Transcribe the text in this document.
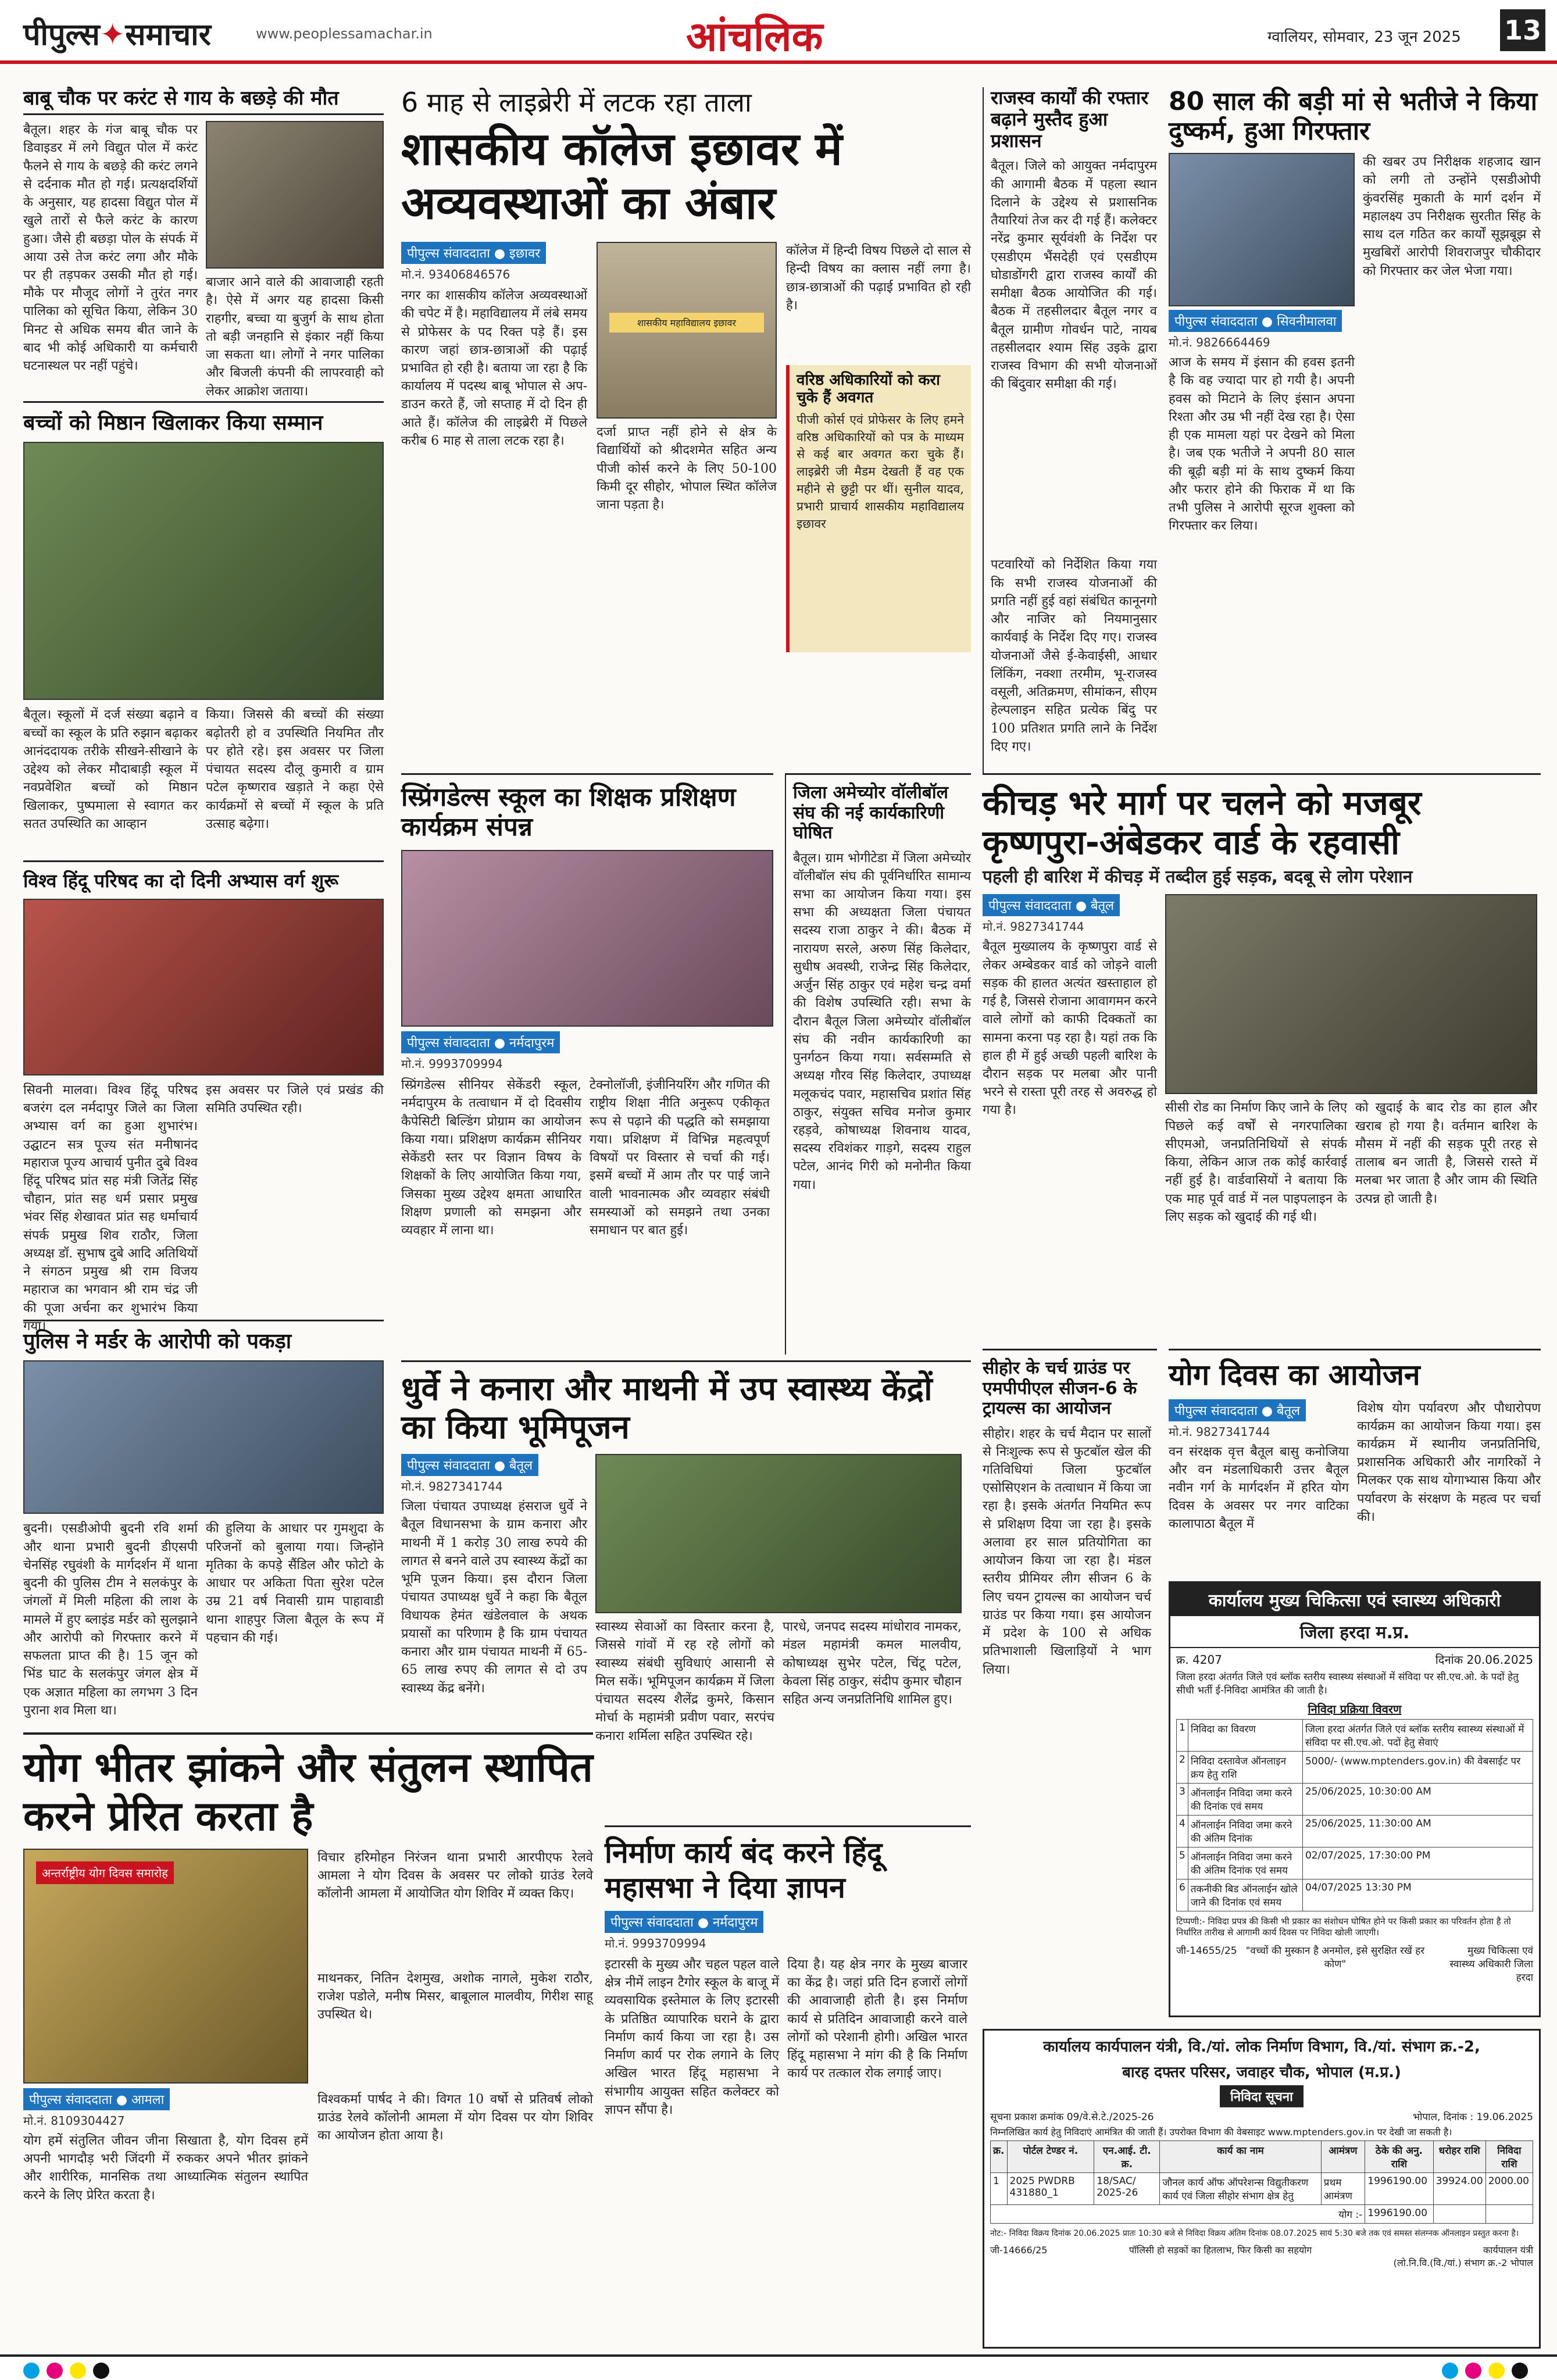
पीपुल्स✦समाचार	www.peoplessamachar.in	आंचलिक	ग्वालियर, सोमवार, 23 जून 2025 13
बाबू चौक पर करंट से गाय के बछड़े की मौत
बैतूल। शहर के गंज बाबू चौक पर डिवाइडर में लगे विद्युत पोल में करंट फैलने से गाय के बछड़े की करंट लगने से दर्दनाक मौत हो गई। प्रत्यक्षदर्शियों के अनुसार, यह हादसा विद्युत पोल में खुले तारों से फैले करंट के कारण हुआ। जैसे ही बछड़ा पोल के संपर्क में आया उसे तेज करंट लगा और मौके पर ही तड़पकर उसकी मौत हो गई। मौके पर मौजूद लोगों ने तुरंत नगर पालिका को सूचित किया, लेकिन 30 मिनट से अधिक समय बीत जाने के बाद भी कोई अधिकारी या कर्मचारी घटनास्थल पर नहीं पहुंचे।
बाजार आने वाले की आवाजाही रहती है। ऐसे में अगर यह हादसा किसी राहगीर, बच्चा या बुजुर्ग के साथ होता तो बड़ी जनहानि से इंकार नहीं किया जा सकता था। लोगों ने नगर पालिका और बिजली कंपनी की लापरवाही को लेकर आक्रोश जताया।
बच्चों को मिष्ठान खिलाकर किया सम्मान
बैतूल। स्कूलों में दर्ज संख्या बढ़ाने व बच्चों का स्कूल के प्रति रुझान बढ़ाकर आनंददायक तरीके सीखने-सीखाने के उद्देश्य को लेकर मौदाबाड़ी स्कूल में नवप्रवेशित बच्चों को मिष्ठान खिलाकर, पुष्पमाला से स्वागत कर सतत उपस्थिति का आव्हान
किया। जिससे की बच्चों की संख्या बढ़ोतरी हो व उपस्थिति नियमित तौर पर होते रहे। इस अवसर पर जिला पंचायत सदस्य दौलू कुमारी व ग्राम पटेल कृष्णराव खड़ाते ने कहा ऐसे कार्यक्रमों से बच्चों में स्कूल के प्रति उत्साह बढ़ेगा।
विश्व हिंदू परिषद का दो दिनी अभ्यास वर्ग शुरू
सिवनी मालवा। विश्व हिंदू परिषद बजरंग दल नर्मदापुर जिले का जिला अभ्यास वर्ग का हुआ शुभारंभ। उद्घाटन सत्र पूज्य संत मनीषानंद महाराज पूज्य आचार्य पुनीत दुबे विश्व हिंदू परिषद प्रांत सह मंत्री जितेंद्र सिंह चौहान, प्रांत सह धर्म प्रसार प्रमुख भंवर सिंह शेखावत प्रांत सह धर्माचार्य संपर्क प्रमुख शिव राठौर, जिला अध्यक्ष डॉ. सुभाष दुबे आदि अतिथियों ने संगठन प्रमुख श्री राम विजय महाराज का भगवान श्री राम चंद्र जी की पूजा अर्चना कर शुभारंभ किया गया।
इस अवसर पर जिले एवं प्रखंड की समिति उपस्थित रही।
पुलिस ने मर्डर के आरोपी को पकड़ा
बुदनी। एसडीओपी बुदनी रवि शर्मा और थाना प्रभारी बुदनी डीएसपी चेनसिंह रघुवंशी के मार्गदर्शन में थाना बुदनी की पुलिस टीम ने सलकंपुर के जंगलों में मिली महिला की लाश के मामले में हुए ब्लाइंड मर्डर को सुलझाने और आरोपी को गिरफ्तार करने में सफलता प्राप्त की है। 15 जून को भिंड घाट के सलकंपुर जंगल क्षेत्र में एक अज्ञात महिला का लगभग 3 दिन पुराना शव मिला था।
की हुलिया के आधार पर गुमशुदा के परिजनों को बुलाया गया। जिन्होंने मृतिका के कपड़े सैंडिल और फोटो के आधार पर अकिता पिता सुरेश पटेल उम्र 21 वर्ष निवासी ग्राम पाहावाडी थाना शाहपुर जिला बैतूल के रूप में पहचान की गई।
योग भीतर झांकने और संतुलन स्थापित करने प्रेरित करता है
अन्तर्राष्ट्रीय योग दिवस समारोह
पीपुल्स संवाददाता ● आमला
मो.नं. 8109304427
योग हमें संतुलित जीवन जीना सिखाता है, योग दिवस हमें अपनी भागदौड़ भरी जिंदगी में रुककर अपने भीतर झांकने और शारीरिक, मानसिक तथा आध्यात्मिक संतुलन स्थापित करने के लिए प्रेरित करता है।
विचार हरिमोहन निरंजन थाना प्रभारी आरपीएफ रेलवे आमला ने योग दिवस के अवसर पर लोको ग्राउंड रेलवे कॉलोनी आमला में आयोजित योग शिविर में व्यक्त किए।
माथनकर, नितिन देशमुख, अशोक नागले, मुकेश राठौर, राजेश पडोले, मनीष मिसर, बाबूलाल मालवीय, गिरीश साहू उपस्थित थे।
विश्वकर्मा पार्षद ने की। विगत 10 वर्षो से प्रतिवर्ष लोको ग्राउंड रेलवे कॉलोनी आमला में योग दिवस पर योग शिविर का आयोजन होता आया है।
6 माह से लाइब्रेरी में लटक रहा ताला
शासकीय कॉलेज इछावर में अव्यवस्थाओं का अंबार
पीपुल्स संवाददाता ● इछावर
मो.नं. 9340684657​6
नगर का शासकीय कॉलेज अव्यवस्थाओं की चपेट में है। महाविद्यालय में लंबे समय से प्रोफेसर के पद रिक्त पड़े हैं। इस कारण जहां छात्र-छात्राओं की पढ़ाई प्रभावित हो रही है। बताया जा रहा है कि कार्यालय में पदस्थ बाबू भोपाल से अप-डाउन करते हैं, जो सप्ताह में दो दिन ही आते हैं। कॉलेज की लाइब्रेरी में पिछले करीब 6 माह से ताला लटक रहा है।
शासकीय महाविद्यालय इछावर
दर्जा प्राप्त नहीं होने से क्षेत्र के विद्यार्थियों को श्रीदशमेत सहित अन्य पीजी कोर्स करने के लिए 50-100 किमी दूर सीहोर, भोपाल स्थित कॉलेज जाना पड़ता है।
कॉलेज में हिन्दी विषय पिछले दो साल से हिन्दी विषय का क्लास नहीं लगा है। छात्र-छात्राओं की पढ़ाई प्रभावित हो रही है।
वरिष्ठ अधिकारियों को करा चुके हैं अवगत
पीजी कोर्स एवं प्रोफेसर के लिए हमने वरिष्ठ अधिकारियों को पत्र के माध्यम से कई बार अवगत करा चुके हैं। लाइब्रेरी जी मैडम देखती हैं वह एक महीने से छुट्टी पर थीं। सुनील यादव, प्रभारी प्राचार्य शासकीय महाविद्यालय इछावर
राजस्व कार्यों की रफ्तार बढ़ाने मुस्तैद हुआ प्रशासन
बैतूल। जिले को आयुक्त नर्मदापुरम की आगामी बैठक में पहला स्थान दिलाने के उद्देश्य से प्रशासनिक तैयारियां तेज कर दी गई हैं। कलेक्टर नरेंद्र कुमार सूर्यवंशी के निर्देश पर एसडीएम भैंसदेही एवं एसडीएम घोडाडोंगरी द्वारा राजस्व कार्यों की समीक्षा बैठक आयोजित की गई। बैठक में तहसीलदार बैतूल नगर व बैतूल ग्रामीण गोवर्धन पाटे, नायब तहसीलदार श्याम सिंह उइके द्वारा राजस्व विभाग की सभी योजनाओं की बिंदुवार समीक्षा की गई।
पटवारियों को निर्देशित किया गया कि सभी राजस्व योजनाओं की प्रगति नहीं हुई वहां संबंधित कानूनगो और नाजिर को नियमानुसार कार्यवाई के निर्देश दिए गए। राजस्व योजनाओं जैसे ई-केवाईसी, आधार लिंकिंग, नक्शा तरमीम, भू-राजस्व वसूली, अतिक्रमण, सीमांकन, सीएम हेल्पलाइन सहित प्रत्येक बिंदु पर 100 प्रतिशत प्रगति लाने के निर्देश दिए गए।
80 साल की बड़ी मां से भतीजे ने किया दुष्कर्म, हुआ गिरफ्तार
पीपुल्स संवाददाता ● सिवनीमालवा
मो.नं. 9826664469
आज के समय में इंसान की हवस इतनी है कि वह ज्यादा पार हो गयी है। अपनी हवस को मिटाने के लिए इंसान अपना रिश्ता और उम्र भी नहीं देख रहा है। ऐसा ही एक मामला यहां पर देखने को मिला है। जब एक भतीजे ने अपनी 80 साल की बूढ़ी बड़ी मां के साथ दुष्कर्म किया और फरार होने की फिराक में था कि तभी पुलिस ने आरोपी सूरज शुक्ला को गिरफ्तार कर लिया।
की खबर उप निरीक्षक शहजाद खान को लगी तो उन्होंने एसडीओपी कुंवरसिंह मुकाती के मार्ग दर्शन में महालक्ष्य उप निरीक्षक सुरतीत सिंह के साथ दल गठित कर कार्यों सूझबूझ से मुखबिरों आरोपी शिवराजपुर चौकीदार को गिरफ्तार कर जेल भेजा गया।
स्प्रिंगडेल्स स्कूल का शिक्षक प्रशिक्षण कार्यक्रम संपन्न
पीपुल्स संवाददाता ● नर्मदापुरम
मो.नं. 9993709994
स्प्रिंगडेल्स सीनियर सेकेंडरी स्कूल, नर्मदापुरम के तत्वाधान में दो दिवसीय कैपेसिटी बिल्डिंग प्रोग्राम का आयोजन किया गया। प्रशिक्षण कार्यक्रम सीनियर सेकेंडरी स्तर पर विज्ञान विषय के शिक्षकों के लिए आयोजित किया गया, जिसका मुख्य उद्देश्य क्षमता आधारित शिक्षण प्रणाली को समझना और व्यवहार में लाना था।
टेक्नोलॉजी, इंजीनियरिंग और गणित की राष्ट्रीय शिक्षा नीति अनुरूप एकीकृत रूप से पढ़ाने की पद्धति को समझाया गया। प्रशिक्षण में विभिन्न महत्वपूर्ण विषयों पर विस्तार से चर्चा की गई। इसमें बच्चों में आम तौर पर पाई जाने वाली भावनात्मक और व्यवहार संबंधी समस्याओं को समझने तथा उनका समाधान पर बात हुई।
जिला अमेच्योर वॉलीबॉल संघ की नई कार्यकारिणी घोषित
बैतूल। ग्राम भोगीटेडा में जिला अमेच्योर वॉलीबॉल संघ की पूर्वनिर्धारित सामान्य सभा का आयोजन किया गया। इस सभा की अध्यक्षता जिला पंचायत सदस्य राजा ठाकुर ने की। बैठक में नारायण सरले, अरुण सिंह किलेदार, सुधीष अवस्थी, राजेन्द्र सिंह किलेदार, अर्जुन सिंह ठाकुर एवं महेश चन्द्र वर्मा की विशेष उपस्थिति रही। सभा के दौरान बैतूल जिला अमेच्योर वॉलीबॉल संघ की नवीन कार्यकारिणी का पुनर्गठन किया गया। सर्वसम्मति से अध्यक्ष गौरव सिंह किलेदार, उपाध्यक्ष मलूकचंद पवार, महासचिव प्रशांत सिंह ठाकुर, संयुक्त सचिव मनोज कुमार रहड़वे, कोषाध्यक्ष शिवनाथ यादव, सदस्य रविशंकर गाड़गे, सदस्य राहुल पटेल, आनंद गिरी को मनोनीत किया गया।
कीचड़ भरे मार्ग पर चलने को मजबूर कृष्णपुरा-अंबेडकर वार्ड के रहवासी
पहली ही बारिश में कीचड़ में तब्दील हुई सड़क, बदबू से लोग परेशान
पीपुल्स संवाददाता ● बैतूल
मो.नं. 9827341744
बैतूल मुख्यालय के कृष्णपुरा वार्ड से लेकर अम्बेडकर वार्ड को जोड़ने वाली सड़क की हालत अत्यंत खस्ताहाल हो गई है, जिससे रोजाना आवागमन करने वाले लोगों को काफी दिक्कतों का सामना करना पड़ रहा है। यहां तक कि हाल ही में हुई अच्छी पहली बारिश के दौरान सड़क पर मलबा और पानी भरने से रास्ता पूरी तरह से अवरुद्ध हो गया है।	सीसी रोड का निर्माण किए जाने के लिए पिछले कई वर्षों से नगरपालिका सीएमओ, जनप्रतिनिधियों से संपर्क किया, लेकिन आज तक कोई कार्रवाई नहीं हुई है। वार्डवासियों ने बताया कि एक माह पूर्व वार्ड में नल पाइपलाइन के लिए सड़क को खुदाई की गई थी।
को खुदाई के बाद रोड का हाल और खराब हो गया है। वर्तमान बारिश के मौसम में नहीं की सड़क पूरी तरह से तालाब बन जाती है, जिससे रास्ते में मलबा भर जाता है और जाम की स्थिति उत्पन्न हो जाती है।
धुर्वे ने कनारा और माथनी में उप स्वास्थ्य केंद्रों का किया भूमिपूजन
पीपुल्स संवाददाता ● बैतूल
मो.नं. 9827341744
जिला पंचायत उपाध्यक्ष हंसराज धुर्वे ने बैतूल विधानसभा के ग्राम कनारा और माथनी में 1 करोड़ 30 लाख रुपये की लागत से बनने वाले उप स्वास्थ्य केंद्रों का भूमि पूजन किया। इस दौरान जिला पंचायत उपाध्यक्ष धुर्वे ने कहा कि बैतूल विधायक हेमंत खंडेलवाल के अथक प्रयासों का परिणाम है कि ग्राम पंचायत कनारा और ग्राम पंचायत माथनी में 65-65 लाख रुपए की लागत से दो उप स्वास्थ्य केंद्र बनेंगे।
स्वास्थ्य सेवाओं का विस्तार करना है, जिससे गांवों में रह रहे लोगों को स्वास्थ्य संबंधी सुविधाएं आसानी से मिल सकें। भूमिपूजन कार्यक्रम में जिला पंचायत सदस्य शैलेंद्र कुमरे, किसान मोर्चा के महामंत्री प्रवीण पवार, सरपंच कनारा शर्मिला सहित उपस्थित रहे।
पारधे, जनपद सदस्य मांधोराव नामकर, मंडल महामंत्री कमल मालवीय, कोषाध्यक्ष सुभेर पटेल, चिंटू पटेल, केवला सिंह ठाकुर, संदीप कुमार चौहान सहित अन्य जनप्रतिनिधि शामिल हुए।
सीहोर के चर्च ग्राउंड पर एमपीपीएल सीजन-6 के ट्रायल्स का आयोजन
सीहोर। शहर के चर्च मैदान पर सालों से निःशुल्क रूप से फुटबॉल खेल की गतिविधियां जिला फुटबॉल एसोसिएशन के तत्वाधान में किया जा रहा है। इसके अंतर्गत नियमित रूप से प्रशिक्षण दिया जा रहा है। इसके अलावा हर साल प्रतियोगिता का आयोजन किया जा रहा है। मंडल स्तरीय प्रीमियर लीग सीजन 6 के लिए चयन ट्रायल्स का आयोजन चर्च ग्राउंड पर किया गया। इस आयोजन में प्रदेश के 100 से अधिक प्रतिभाशाली खिलाड़ियों ने भाग लिया।
योग दिवस का आयोजन
पीपुल्स संवाददाता ● बैतूल
मो.नं. 9827341744
वन संरक्षक वृत्त बैतूल बासु कनोजिया और वन मंडलाधिकारी उत्तर बैतूल नवीन गर्ग के मार्गदर्शन में हरित योग दिवस के अवसर पर नगर वाटिका कालापाठा बैतूल में
विशेष योग पर्यावरण और पौधारोपण कार्यक्रम का आयोजन किया गया। इस कार्यक्रम में स्थानीय जनप्रतिनिधि, प्रशासनिक अधिकारी और नागरिकों ने मिलकर एक साथ योगाभ्यास किया और पर्यावरण के संरक्षण के महत्व पर चर्चा की।
निर्माण कार्य बंद करने हिंदू महासभा ने दिया ज्ञापन
पीपुल्स संवाददाता ● नर्मदापुरम
मो.नं. 9993709994
इटारसी के मुख्य और चहल पहल वाले क्षेत्र नीमें लाइन टैगोर स्कूल के बाजू में व्यवसायिक इस्तेमाल के लिए इटारसी के प्रतिष्ठित व्यापारिक घराने के द्वारा निर्माण कार्य किया जा रहा है। उस निर्माण कार्य पर रोक लगाने के लिए अखिल भारत हिंदू महासभा ने संभागीय आयुक्त सहित कलेक्टर को ज्ञापन सौंपा है।
दिया है। यह क्षेत्र नगर के मुख्य बाजार का केंद्र है। जहां प्रति दिन हजारों लोगों की आवाजाही होती है। इस निर्माण कार्य से प्रतिदिन आवाजाही करने वाले लोगों को परेशानी होगी। अखिल भारत हिंदू महासभा ने मांग की है कि निर्माण कार्य पर तत्काल रोक लगाई जाए।
कार्यालय मुख्य चिकित्सा एवं स्वास्थ्य अधिकारी
जिला हरदा म.प्र.
क्र. 4207	दिनांक 20.06.2025
जिला हरदा अंतर्गत जिले एवं ब्लॉक स्तरीय स्वास्थ्य संस्थाओं में संविदा पर सी.एच.ओ. के पदों हेतु सीधी भर्ती ई-निविदा आमंत्रित की जाती है।
निविदा प्रक्रिया विवरण
1	निविदा का विवरण	जिला हरदा अंतर्गत जिले एवं ब्लॉक स्तरीय स्वास्थ्य संस्थाओं में संविदा पर सी.एच.ओ. पदों हेतु सेवाएं
2	निविदा दस्तावेज ऑनलाइन क्रय हेतु राशि	5000/- (www.mptenders.gov.in) की वेबसाईट पर
3	ऑनलाईन निविदा जमा करने की दिनांक एवं समय	25/06/2025, 10:30:00 AM
4	ऑनलाईन निविदा जमा करने की अंतिम दिनांक	25/06/2025, 11:30:00 AM
5	ऑनलाईन निविदा जमा करने की अंतिम दिनांक एवं समय	02/07/2025, 17:30:00 PM
6	तकनीकी बिड ऑनलाईन खोले जाने की दिनांक एवं समय	04/07/2025 13:30 PM
टिप्पणी:- निविदा प्रपत्र की किसी भी प्रकार का संशोधन घोषित होने पर किसी प्रकार का परिवर्तन होता है तो निर्धारित तारीख से आगामी कार्य दिवस पर निविदा खोली जाएगी।
जी-14655/25 "वच्चों की मुस्कान है अनमोल, इसे सुरक्षित रखें हर कोण"
मुख्य चिकित्सा एवं
स्वास्थ्य अधिकारी जिला हरदा
कार्यालय कार्यपालन यंत्री, वि./यां. लोक निर्माण विभाग, वि./यां. संभाग क्र.-2,
बारह दफ्तर परिसर, जवाहर चौक, भोपाल (म.प्र.)
निविदा सूचना
सूचना प्रकाश क्रमांक 09/वे.से.टे./2025-26	भोपाल, दिनांक : 19.06.2025
निम्नलिखित कार्य हेतु निविदाएं आमंत्रित की जाती हैं। उपरोक्त विभाग की वेबसाइट www.mptenders.gov.in पर देखी जा सकती है।
क्र.	पोर्टल टेण्डर नं.	एन.आई. टी. क्र.	कार्य का नाम	आमंत्रण	ठेके की अनु. राशि	धरोहर राशि	निविदा राशि
1	2025 PWDRB 431880_1	18/SAC/ 2025-26	जौनल कार्य ऑफ ऑपरेशन्स विद्युतीकरण कार्य एवं जिला सीहोर संभाग क्षेत्र हेतु	प्रथम आमंत्रण	1996190.00	39924.00	2000.00
योग :-					1996190.00		
नोट:- निविदा विक्रय दिनांक 20.06.2025 प्रातः 10:30 बजे से निविदा विक्रय अंतिम दिनांक 08.07.2025 सायं 5:30 बजे तक एवं समस्त संलग्नक ऑनलाइन प्रस्तुत करना है।
जी-14666/25	पॉलिसी हो सड़कों का हितलाभ, फिर किसी का सहयोग	कार्यपालन यंत्री
(लो.नि.वि.(वि./यां.) संभाग क्र.-2 भोपाल
